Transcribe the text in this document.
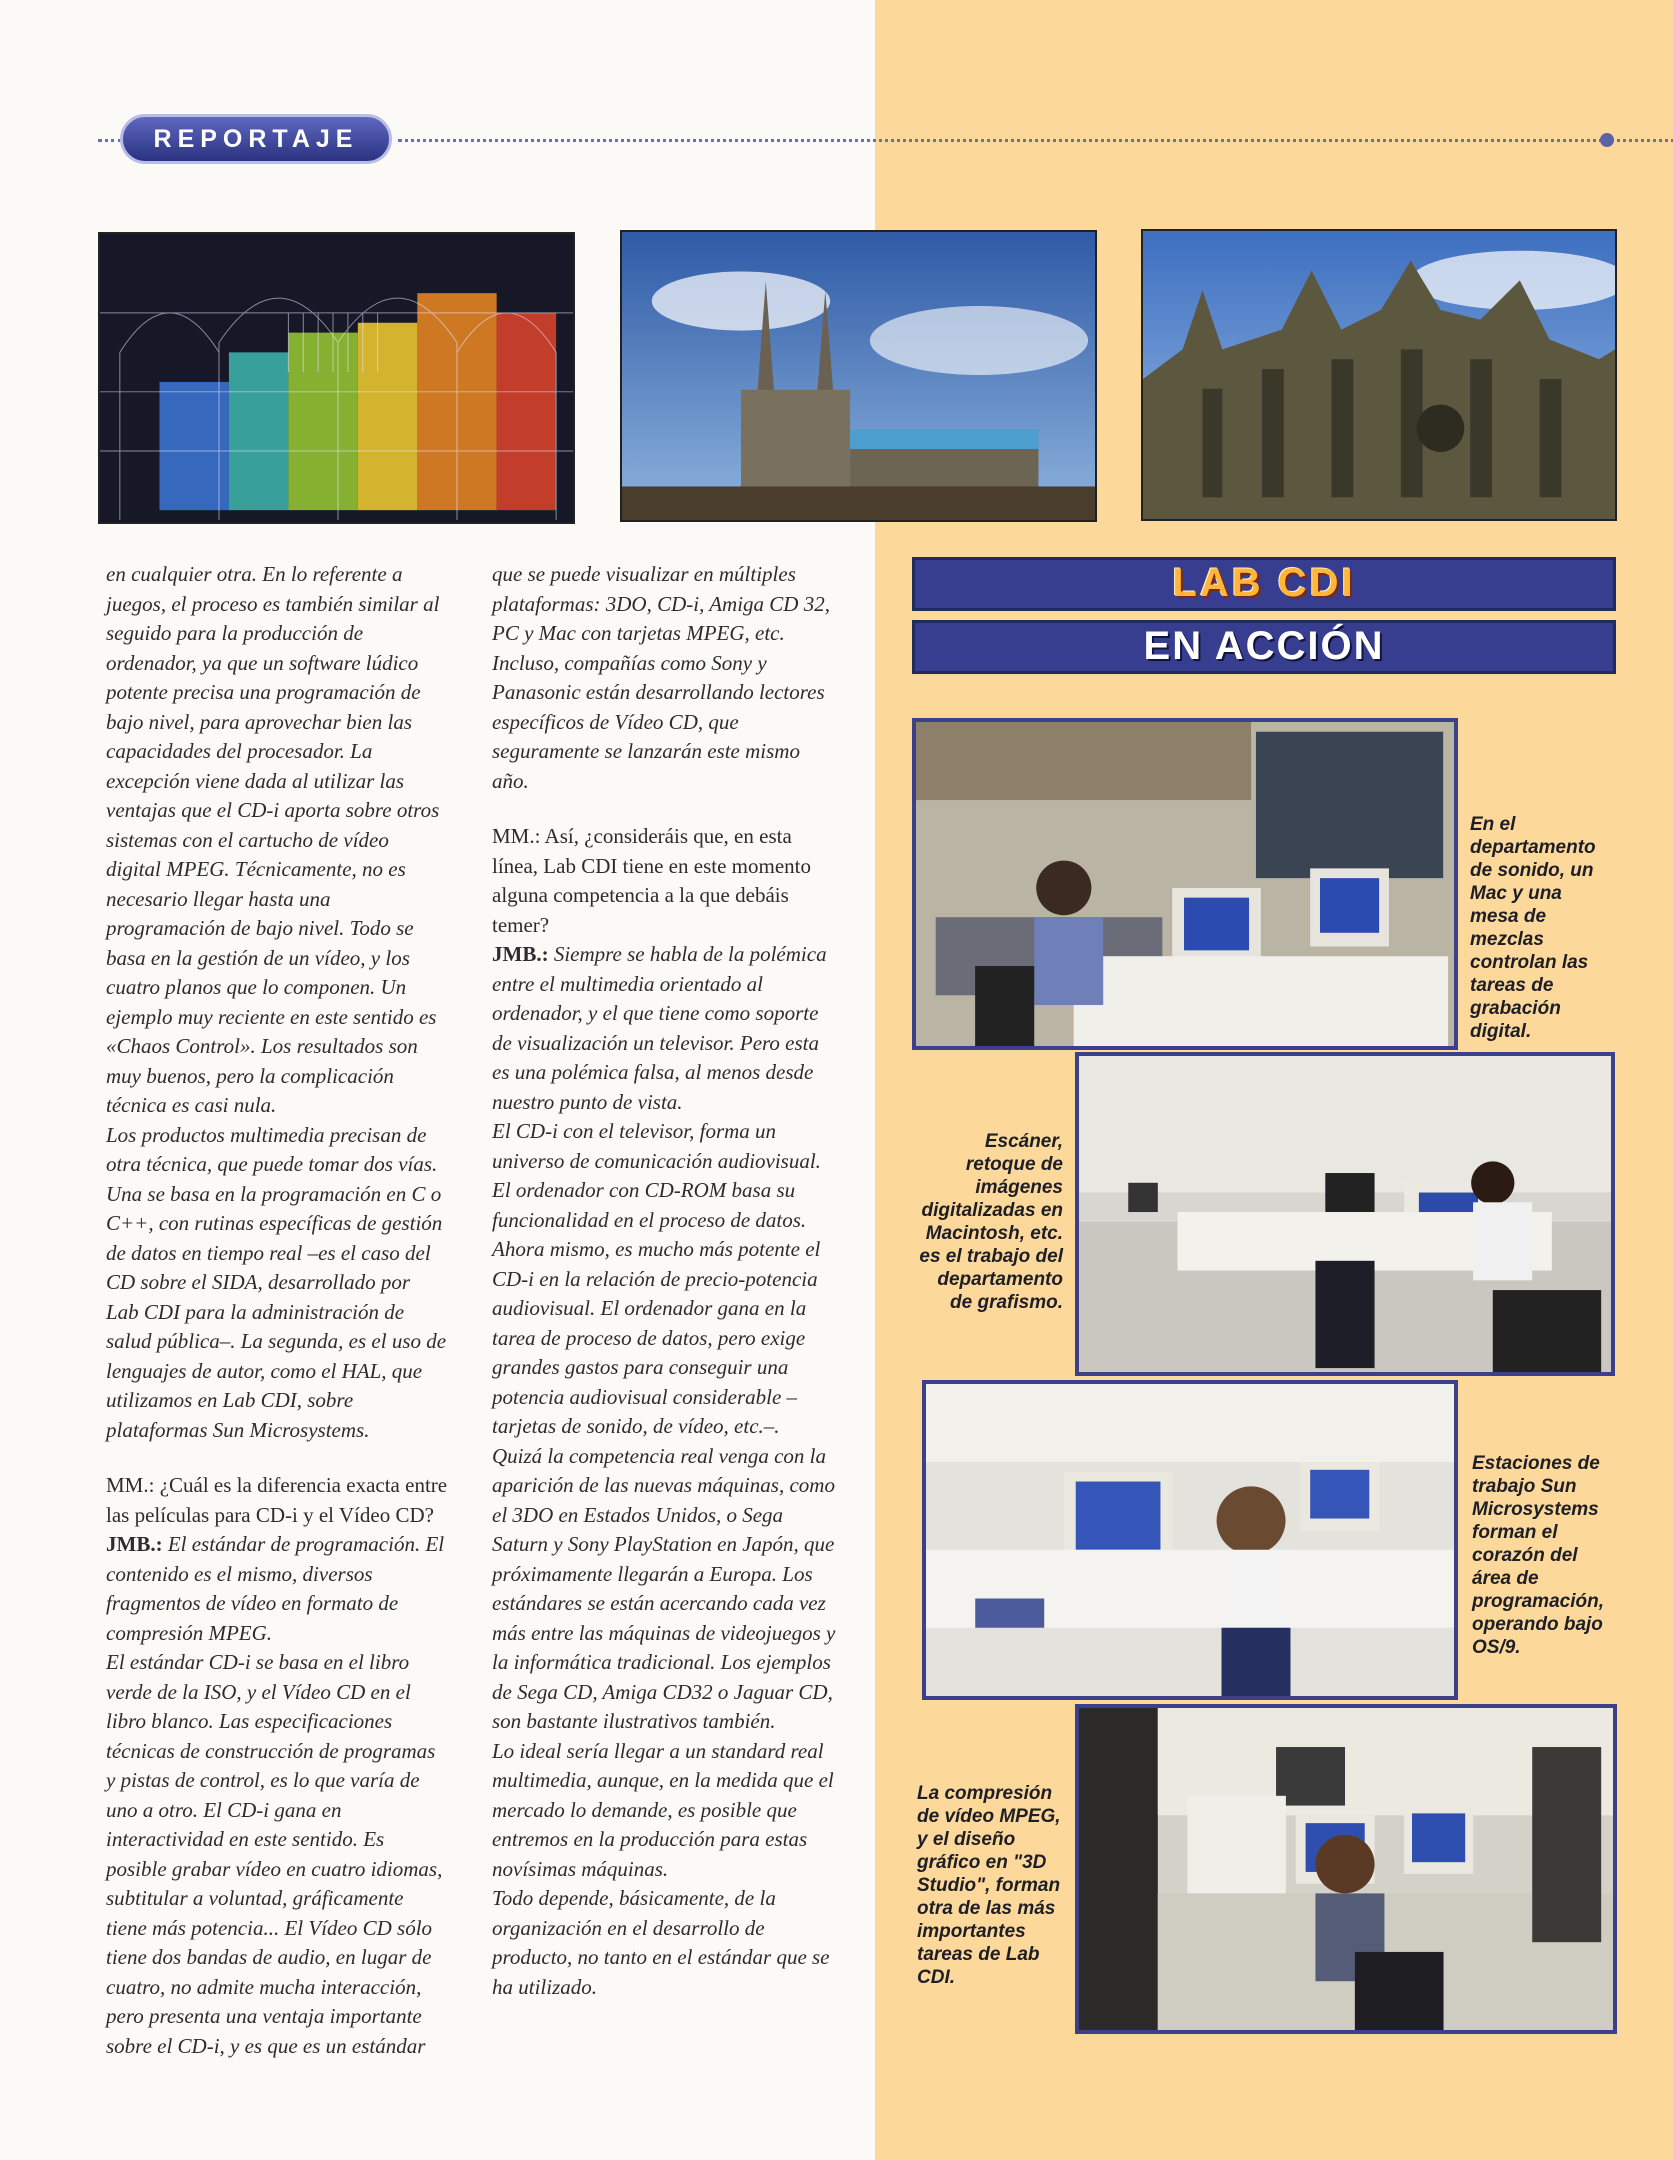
REPORTAJE

en cualquier otra. En lo referente a juegos, el proceso es también similar al seguido para la producción de ordenador, ya que un software lúdico potente precisa una programación de bajo nivel, para aprovechar bien las capacidades del procesador. La excepción viene dada al utilizar las ventajas que el CD-i aporta sobre otros sistemas con el cartucho de vídeo digital MPEG. Técnicamente, no es necesario llegar hasta una programación de bajo nivel. Todo se basa en la gestión de un vídeo, y los cuatro planos que lo componen. Un ejemplo muy reciente en este sentido es «Chaos Control». Los resultados son muy buenos, pero la complicación técnica es casi nula.

Los productos multimedia precisan de otra técnica, que puede tomar dos vías. Una se basa en la programación en C o C++, con rutinas específicas de gestión de datos en tiempo real –es el caso del CD sobre el SIDA, desarrollado por Lab CDI para la administración de salud pública–. La segunda, es el uso de lenguajes de autor, como el HAL, que utilizamos en Lab CDI, sobre plataformas Sun Microsystems.

MM.: ¿Cuál es la diferencia exacta entre las películas para CD-i y el Vídeo CD?

JMB.: El estándar de programación. El contenido es el mismo, diversos fragmentos de vídeo en formato de compresión MPEG.

El estándar CD-i se basa en el libro verde de la ISO, y el Vídeo CD en el libro blanco. Las especificaciones técnicas de construcción de programas y pistas de control, es lo que varía de uno a otro. El CD-i gana en interactividad en este sentido. Es posible grabar vídeo en cuatro idiomas, subtitular a voluntad, gráficamente tiene más potencia... El Vídeo CD sólo tiene dos bandas de audio, en lugar de cuatro, no admite mucha interacción, pero presenta una ventaja importante sobre el CD-i, y es que es un estándar

que se puede visualizar en múltiples plataformas: 3DO, CD-i, Amiga CD 32, PC y Mac con tarjetas MPEG, etc.

Incluso, compañías como Sony y Panasonic están desarrollando lectores específicos de Vídeo CD, que seguramente se lanzarán este mismo año.

MM.: Así, ¿consideráis que, en esta línea, Lab CDI tiene en este momento alguna competencia a la que debáis temer?

JMB.: Siempre se habla de la polémica entre el multimedia orientado al ordenador, y el que tiene como soporte de visualización un televisor. Pero esta es una polémica falsa, al menos desde nuestro punto de vista.

El CD-i con el televisor, forma un universo de comunicación audiovisual. El ordenador con CD-ROM basa su funcionalidad en el proceso de datos. Ahora mismo, es mucho más potente el CD-i en la relación de precio-potencia audiovisual. El ordenador gana en la tarea de proceso de datos, pero exige grandes gastos para conseguir una potencia audiovisual considerable –tarjetas de sonido, de vídeo, etc.–.

Quizá la competencia real venga con la aparición de las nuevas máquinas, como el 3DO en Estados Unidos, o Sega Saturn y Sony PlayStation en Japón, que próximamente llegarán a Europa. Los estándares se están acercando cada vez más entre las máquinas de videojuegos y la informática tradicional. Los ejemplos de Sega CD, Amiga CD32 o Jaguar CD, son bastante ilustrativos también.

Lo ideal sería llegar a un standard real multimedia, aunque, en la medida que el mercado lo demande, es posible que entremos en la producción para estas novísimas máquinas.

Todo depende, básicamente, de la organización en el desarrollo de producto, no tanto en el estándar que se ha utilizado.

LAB CDI
EN ACCIÓN
En el departamento de sonido, un Mac y una mesa de mezclas controlan las tareas de grabación digital.
Escáner, retoque de imágenes digitalizadas en Macintosh, etc. es el trabajo del departamento de grafismo.
Estaciones de trabajo Sun Microsystems forman el corazón del área de programación, operando bajo OS/9.
La compresión de vídeo MPEG, y el diseño gráfico en "3D Studio", forman otra de las más importantes tareas de Lab CDI.
